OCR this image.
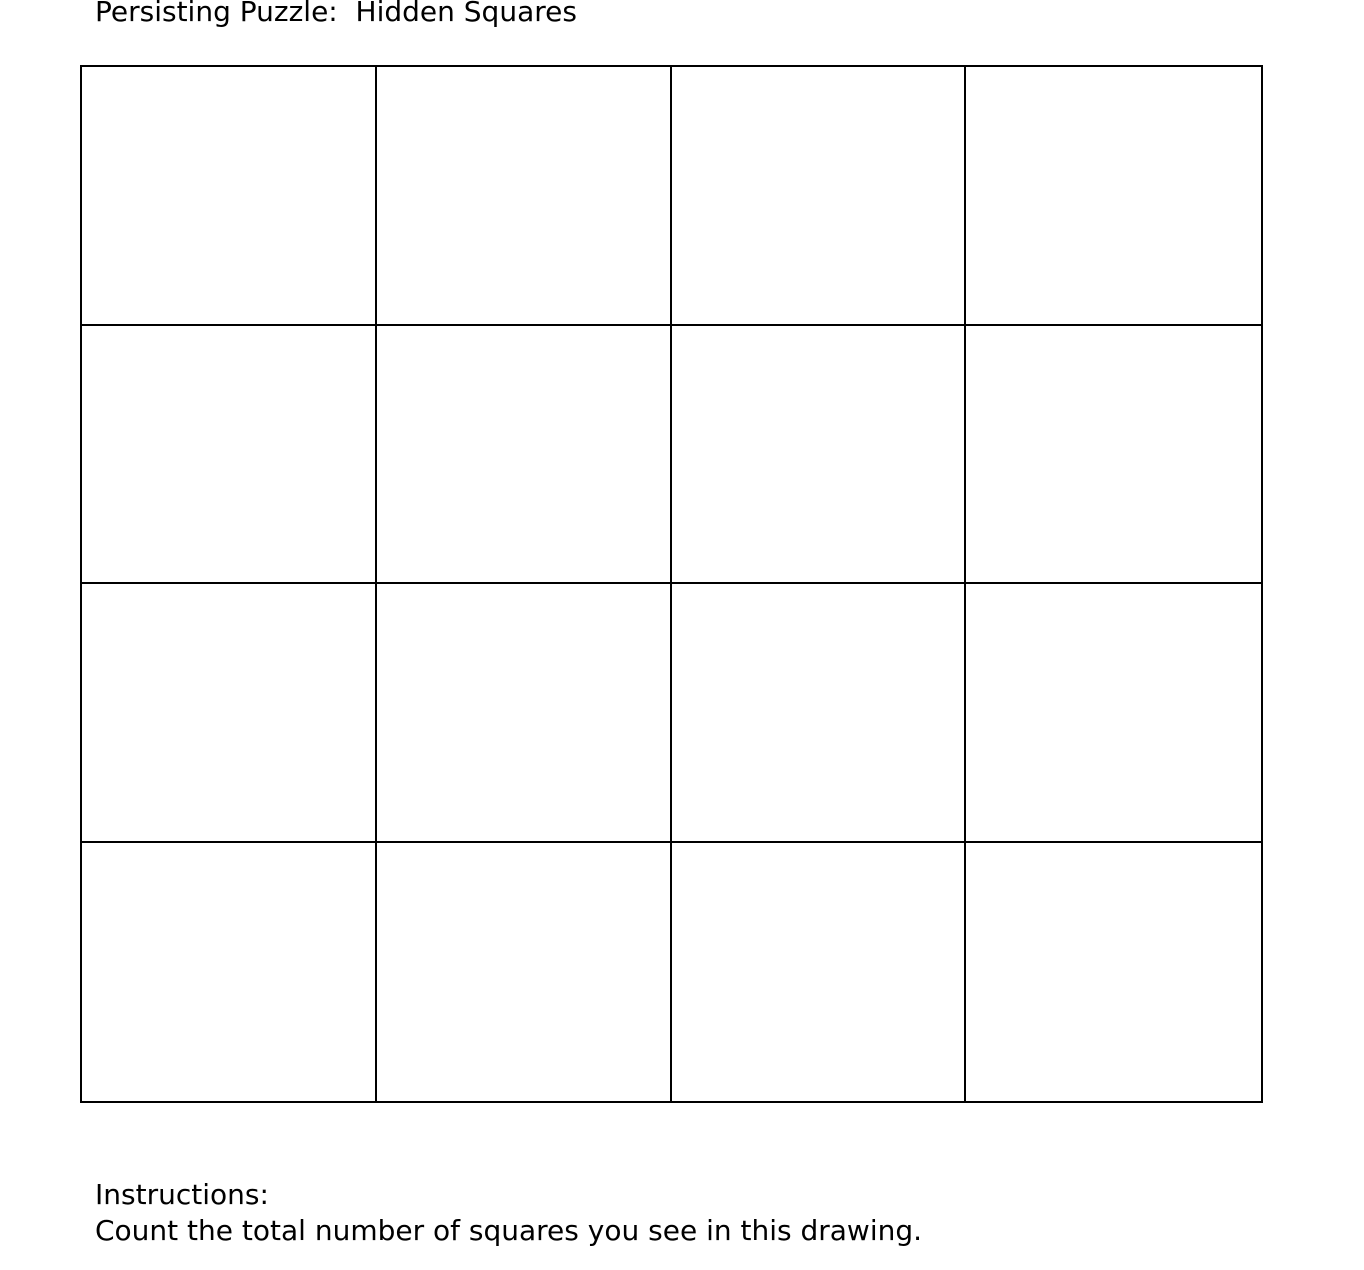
Persisting Puzzle:  Hidden Squares
Instructions:
Count the total number of squares you see in this drawing.
